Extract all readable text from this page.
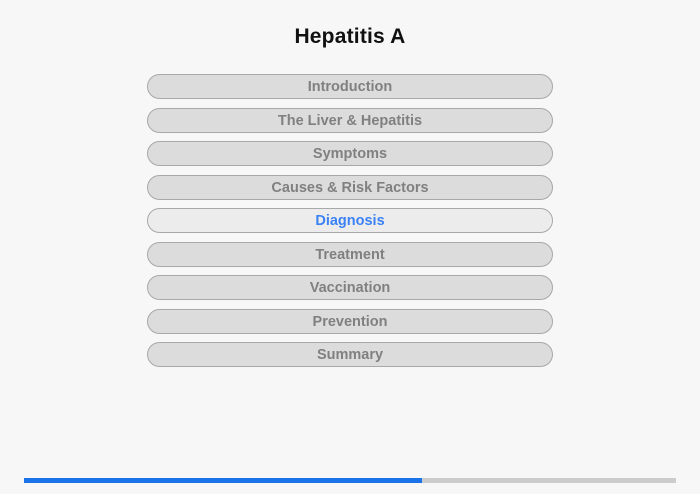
Hepatitis A
Introduction
The Liver & Hepatitis
Symptoms
Causes & Risk Factors
Diagnosis
Treatment
Vaccination
Prevention
Summary
